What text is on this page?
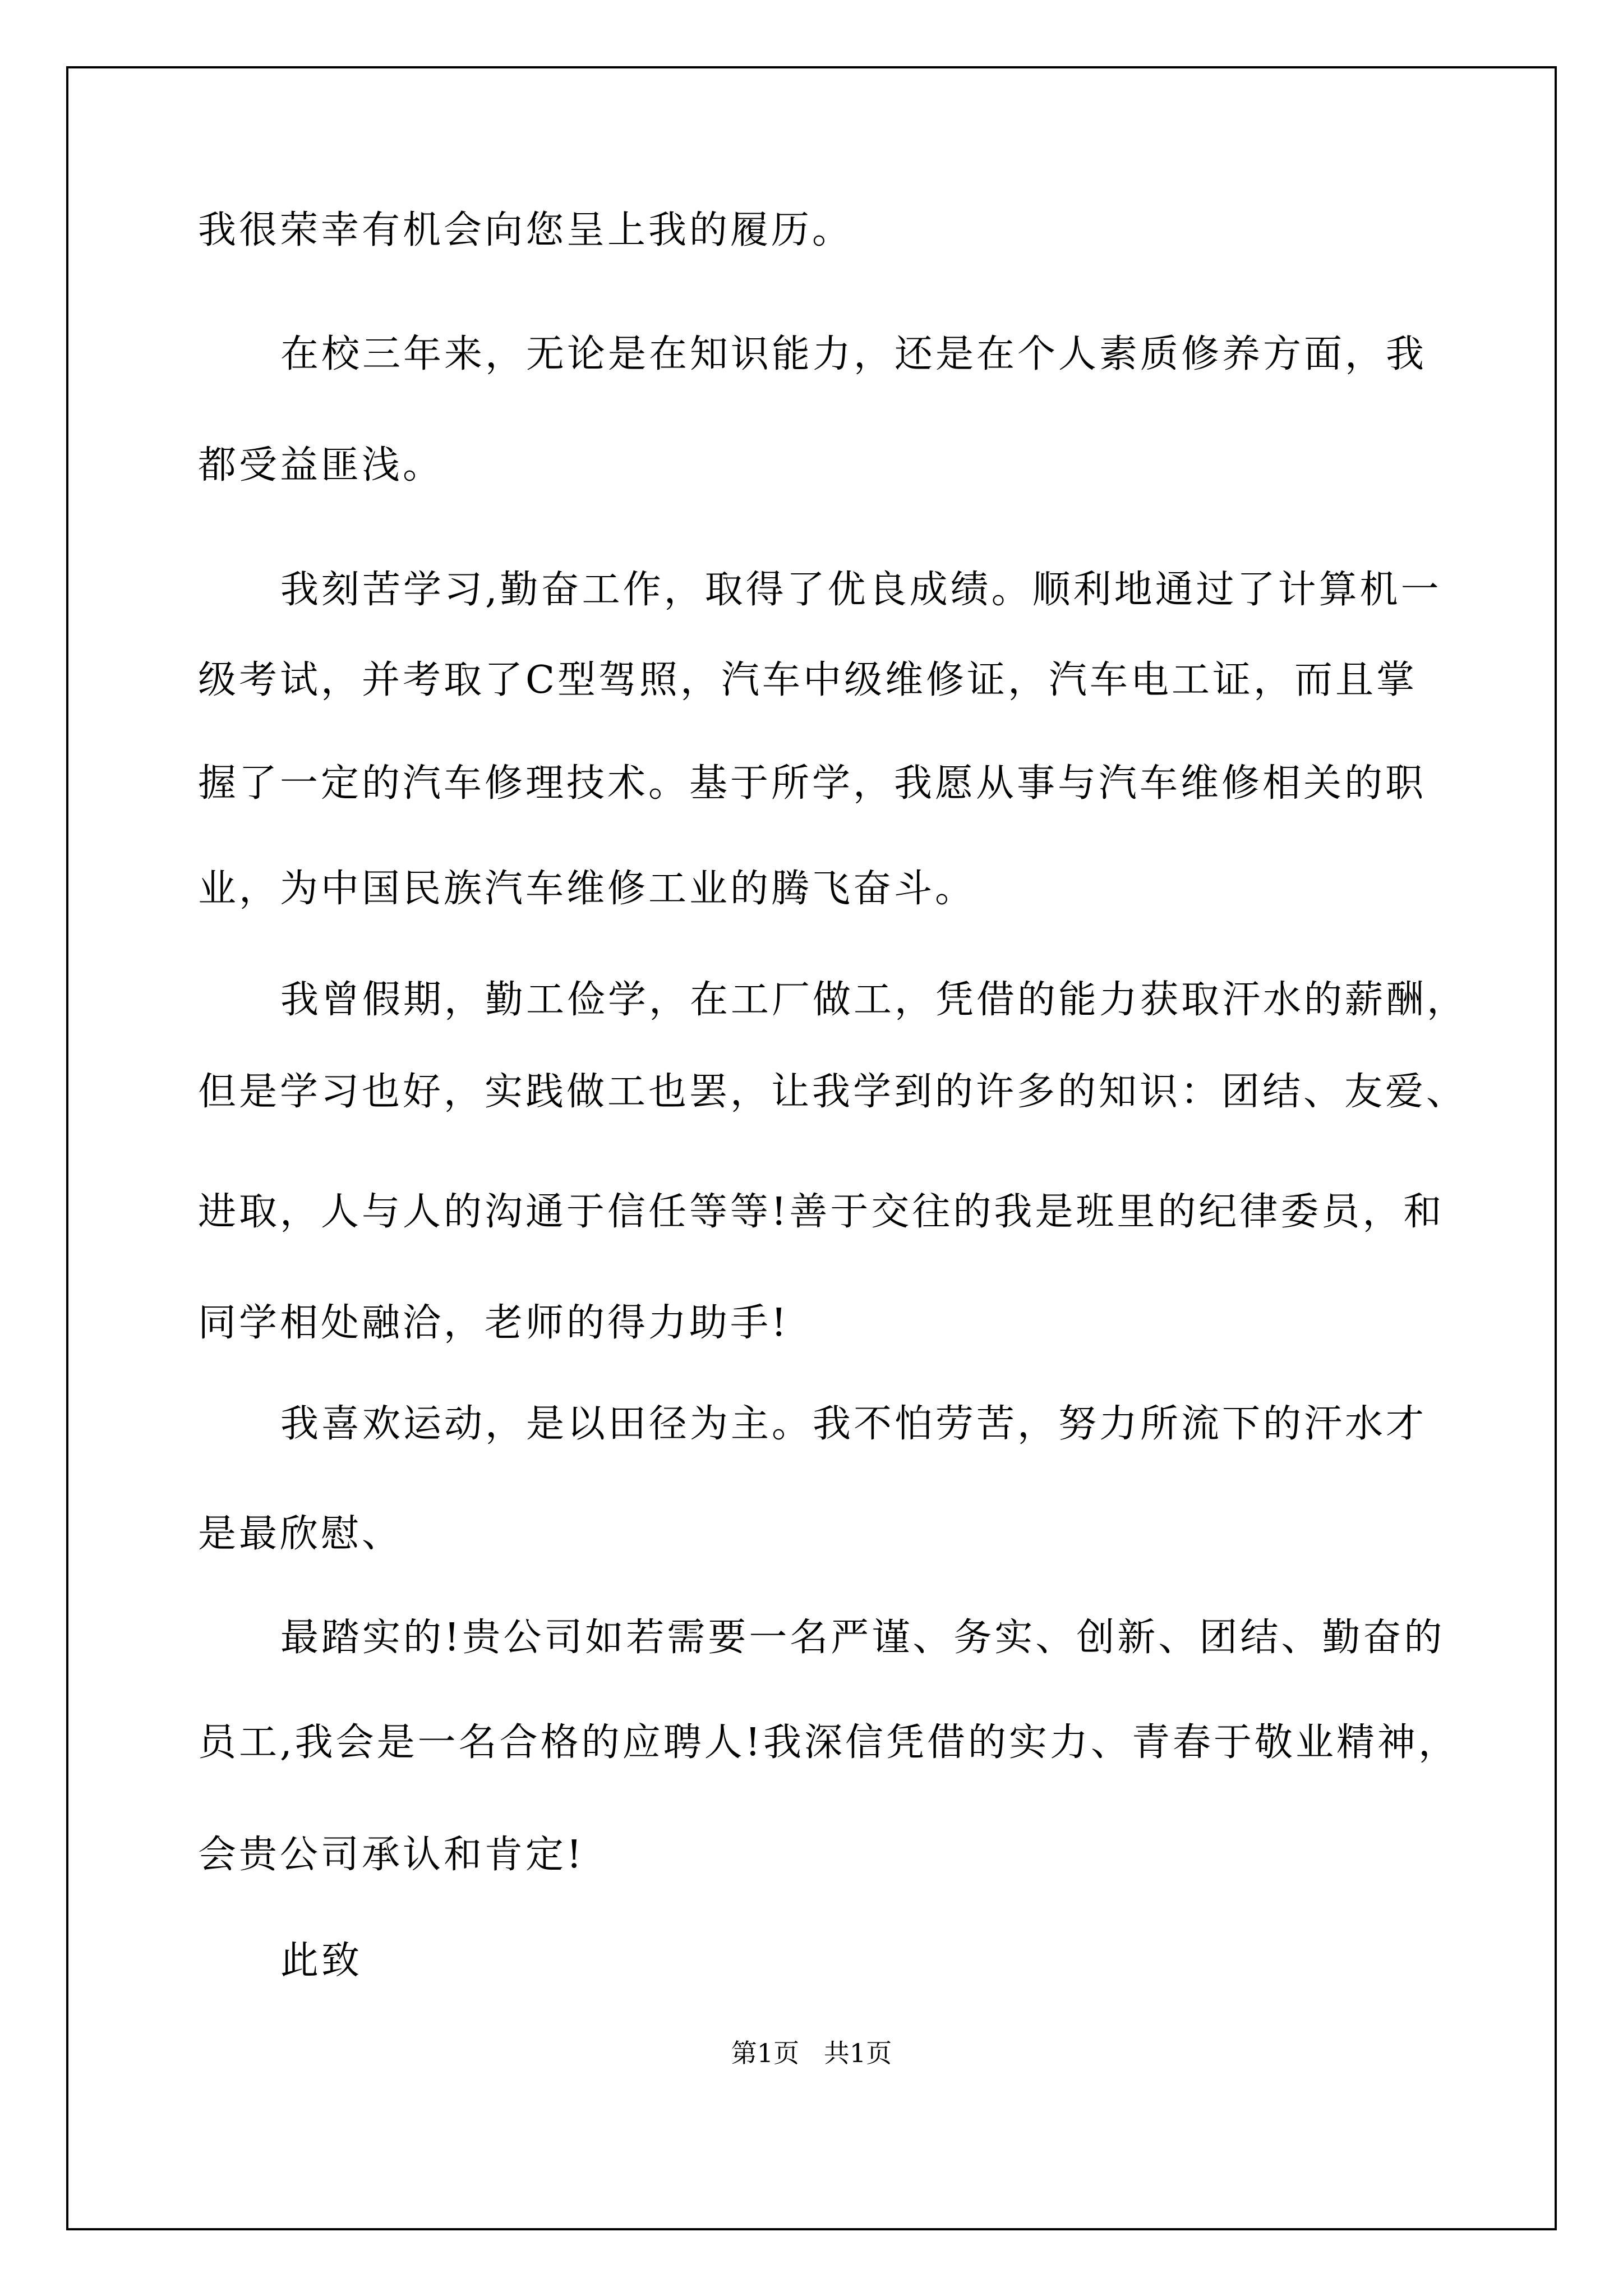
我很荣幸有机会向您呈上我的履历。
在校三年来，无论是在知识能力，还是在个人素质修养方面，我
都受益匪浅。
我刻苦学习,勤奋工作，取得了优良成绩。顺利地通过了计算机一
级考试，并考取了C型驾照，汽车中级维修证，汽车电工证，而且掌
握了一定的汽车修理技术。基于所学，我愿从事与汽车维修相关的职
业，为中国民族汽车维修工业的腾飞奋斗。
我曾假期，勤工俭学，在工厂做工，凭借的能力获取汗水的薪酬，
但是学习也好，实践做工也罢，让我学到的许多的知识：团结、友爱、
进取，人与人的沟通于信任等等!善于交往的我是班里的纪律委员，和
同学相处融洽，老师的得力助手!
我喜欢运动，是以田径为主。我不怕劳苦，努力所流下的汗水才
是最欣慰、
最踏实的!贵公司如若需要一名严谨、务实、创新、团结、勤奋的
员工,我会是一名合格的应聘人!我深信凭借的实力、青春于敬业精神，
会贵公司承认和肯定!
此致
第1页   共1页
